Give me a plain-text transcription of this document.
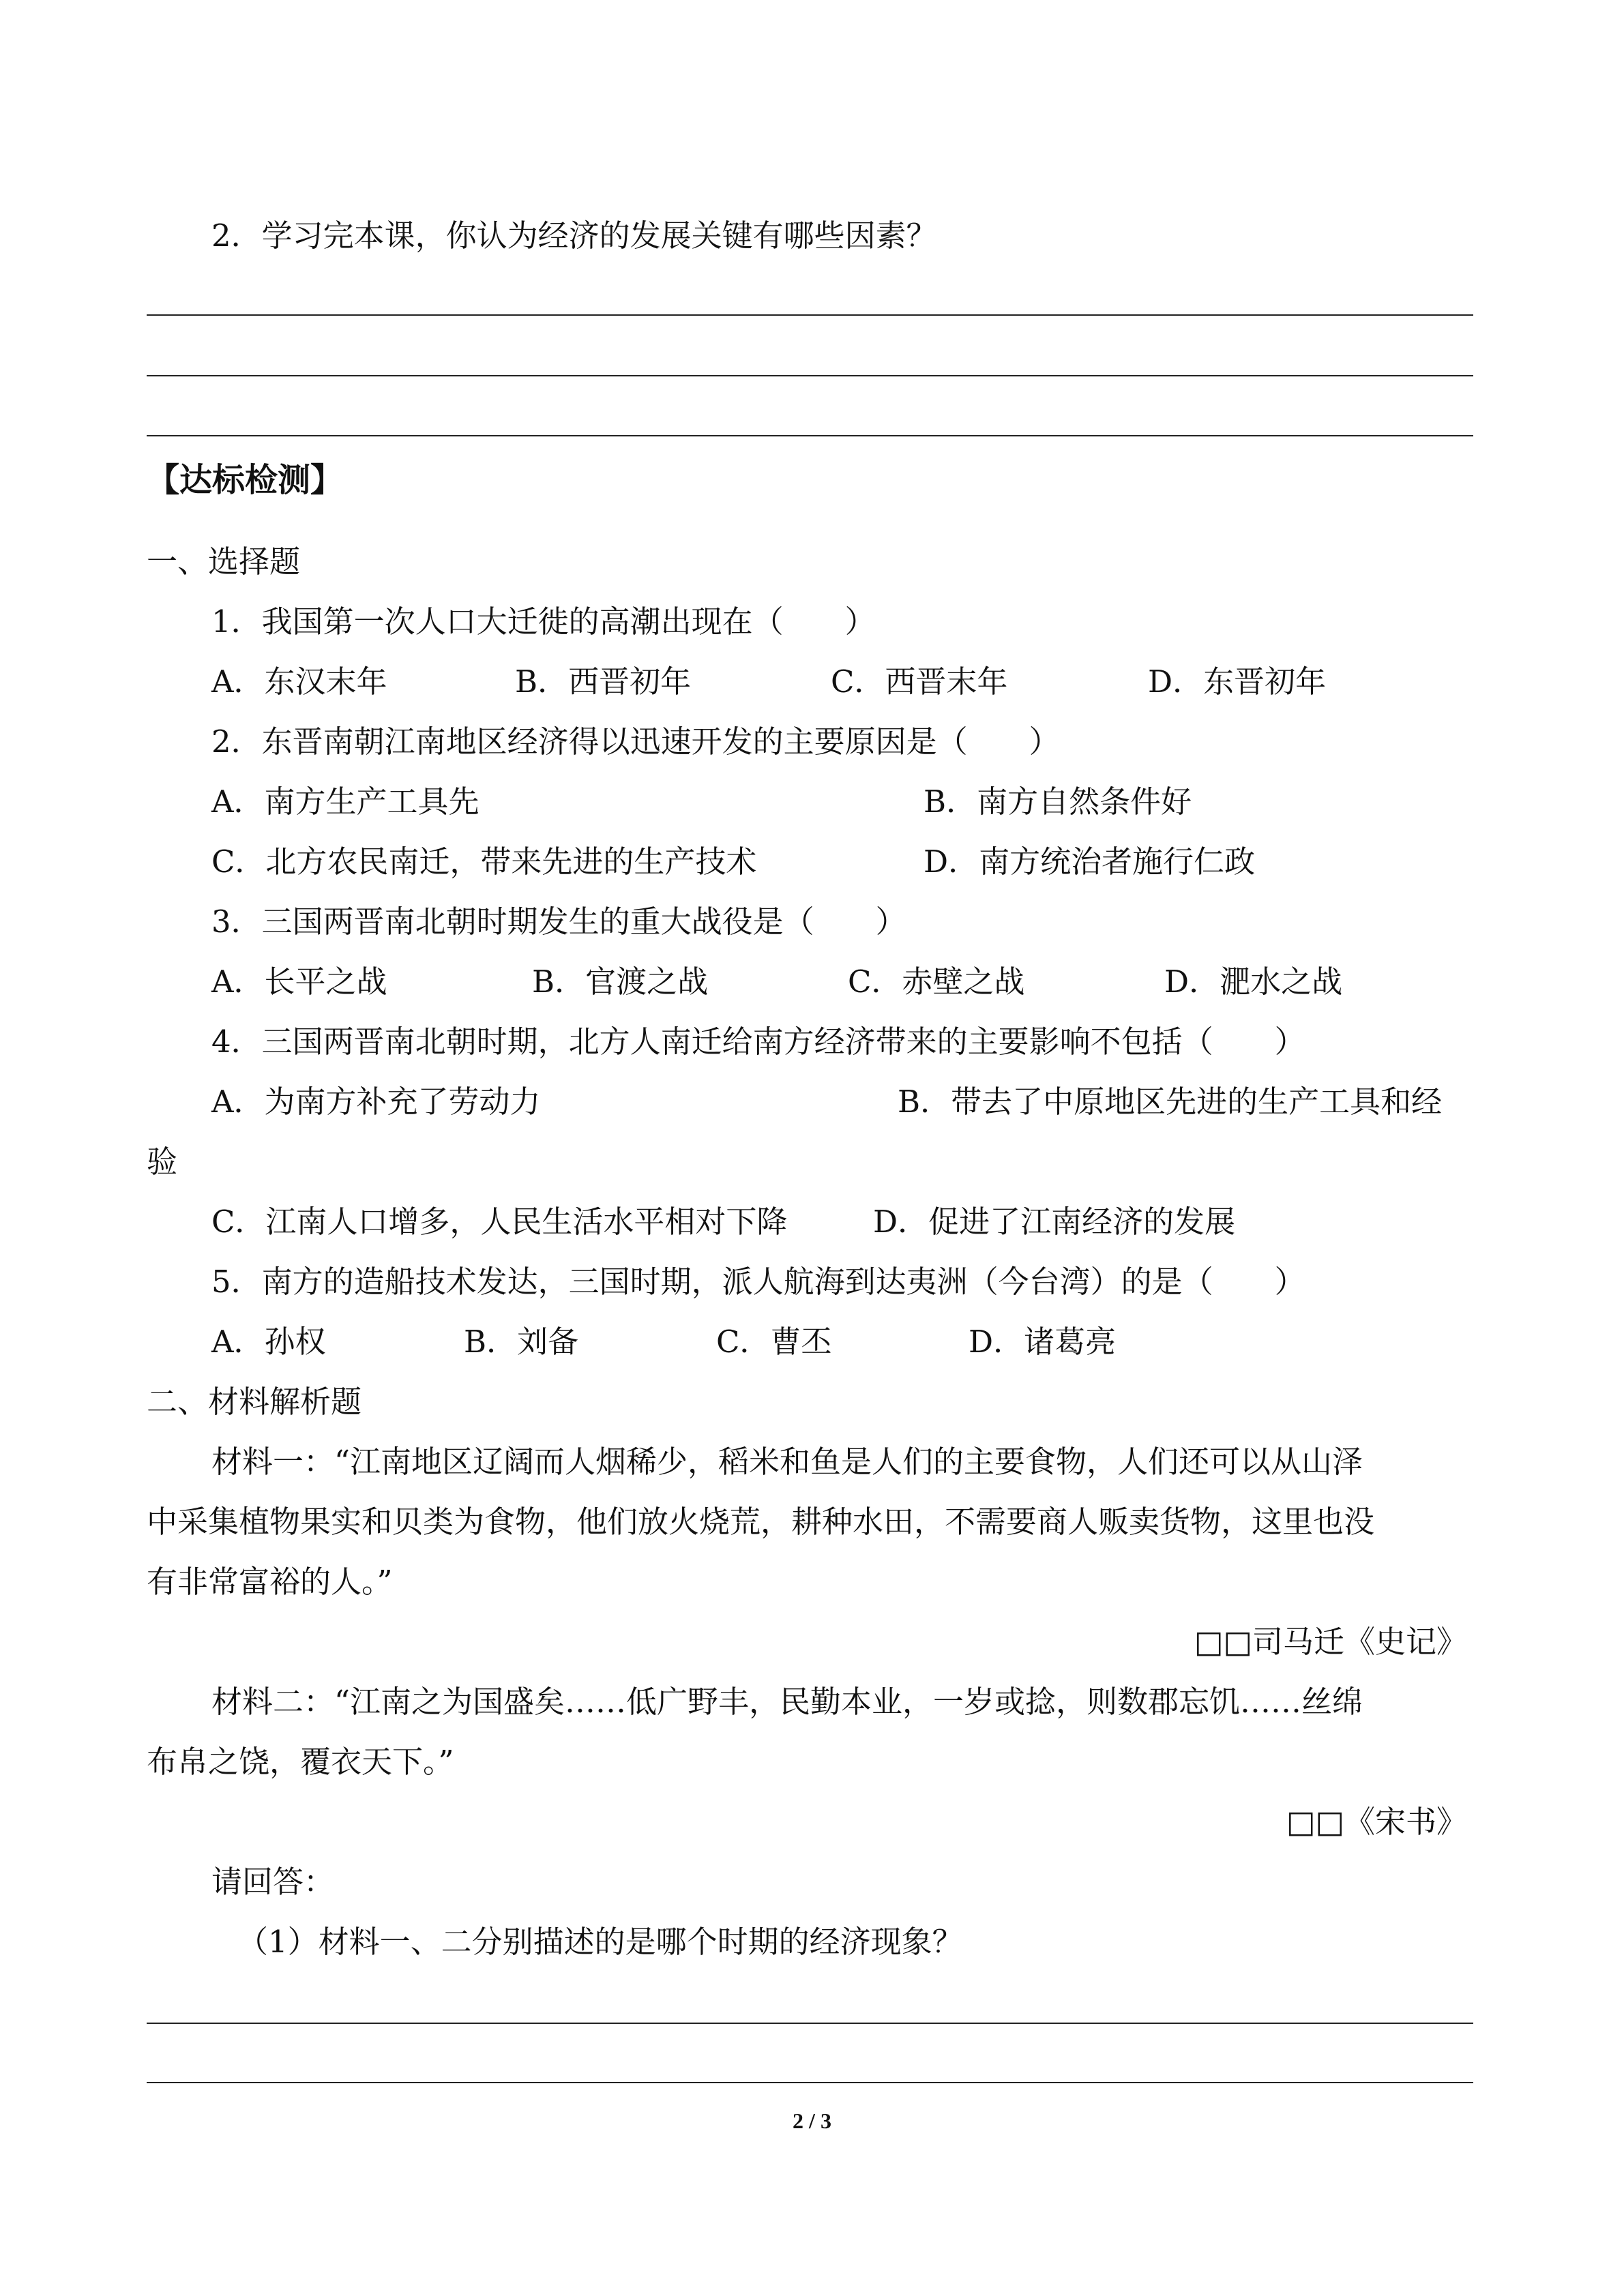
2．学习完本课，你认为经济的发展关键有哪些因素？
【达标检测】
一、选择题
1．我国第一次人口大迁徙的高潮出现在（　　）
A．东汉末年	B．西晋初年	C．西晋末年	D．东晋初年
2．东晋南朝江南地区经济得以迅速开发的主要原因是（　　）
A．南方生产工具先	B．南方自然条件好
C．北方农民南迁，带来先进的生产技术	D．南方统治者施行仁政
3．三国两晋南北朝时期发生的重大战役是（　　）
A．长平之战	B．官渡之战	C．赤壁之战	D．淝水之战
4．三国两晋南北朝时期，北方人南迁给南方经济带来的主要影响不包括（　　）
A．为南方补充了劳动力	B．带去了中原地区先进的生产工具和经
验
C．江南人口增多，人民生活水平相对下降	D．促进了江南经济的发展
5．南方的造船技术发达，三国时期，派人航海到达夷洲（今台湾）的是（　　）
A．孙权	B．刘备	C．曹丕	D．诸葛亮
二、材料解析题
材料一：“江南地区辽阔而人烟稀少，稻米和鱼是人们的主要食物，人们还可以从山泽
中采集植物果实和贝类为食物，他们放火烧荒，耕种水田，不需要商人贩卖货物，这里也没
有非常富裕的人。”
□□司马迁《史记》
材料二：“江南之为国盛矣……低广野丰，民勤本业，一岁或捻，则数郡忘饥……丝绵
布帛之饶，覆衣天下。”
□□《宋书》
请回答：
（1）材料一、二分别描述的是哪个时期的经济现象？
2 / 3
